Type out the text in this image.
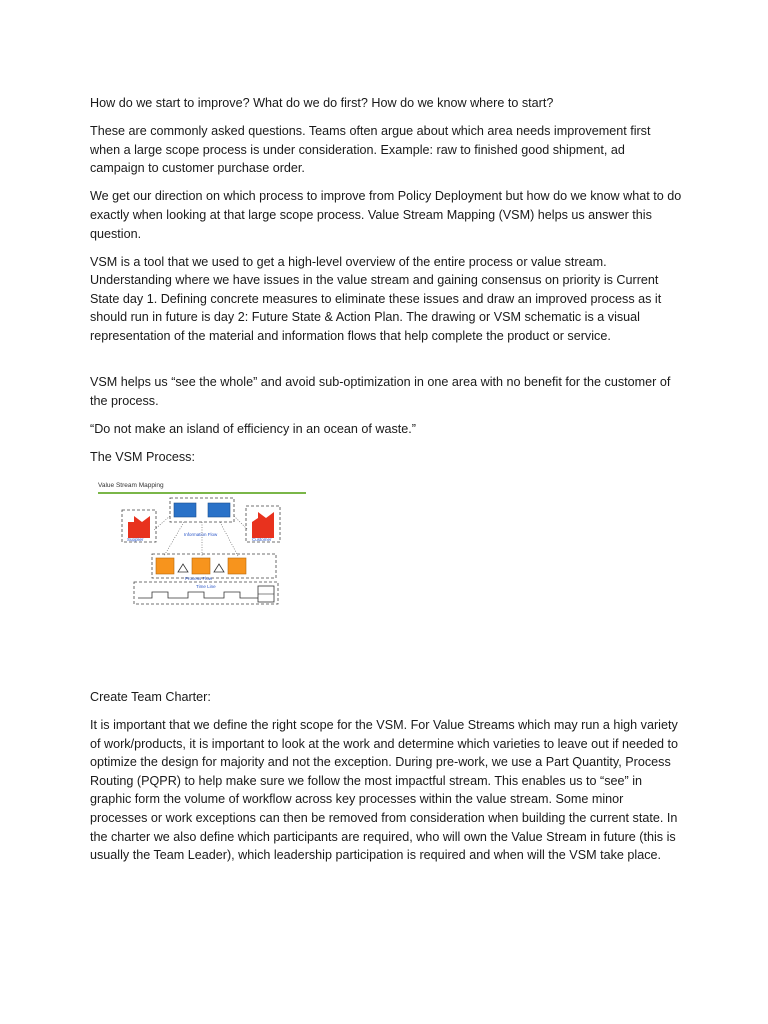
How do we start to improve? What do we do first? How do we know where to start?

These are commonly asked questions. Teams often argue about which area needs improvement first when a large scope process is under consideration. Example: raw to finished good shipment, ad campaign to customer purchase order.

We get our direction on which process to improve from Policy Deployment but how do we know what to do exactly when looking at that large scope process. Value Stream Mapping (VSM) helps us answer this question.

VSM is a tool that we used to get a high-level overview of the entire process or value stream. Understanding where we have issues in the value stream and gaining consensus on priority is Current State day 1. Defining concrete measures to eliminate these issues and draw an improved process as it should run in future is day 2: Future State & Action Plan. The drawing or VSM schematic is a visual representation of the material and information flows that help complete the product or service.

VSM helps us “see the whole” and avoid sub-optimization in one area with no benefit for the customer of the process.

“Do not make an island of efficiency in an ocean of waste.”

The VSM Process:

Value Stream Mapping
Supplier	Customer
Information Flow
Process Flow
Time Line

Create Team Charter:

It is important that we define the right scope for the VSM. For Value Streams which may run a high variety of work/products, it is important to look at the work and determine which varieties to leave out if needed to optimize the design for majority and not the exception. During pre-work, we use a Part Quantity, Process Routing (PQPR) to help make sure we follow the most impactful stream. This enables us to “see” in graphic form the volume of workflow across key processes within the value stream. Some minor processes or work exceptions can then be removed from consideration when building the current state. In the charter we also define which participants are required, who will own the Value Stream in future (this is usually the Team Leader), which leadership participation is required and when will the VSM take place.
